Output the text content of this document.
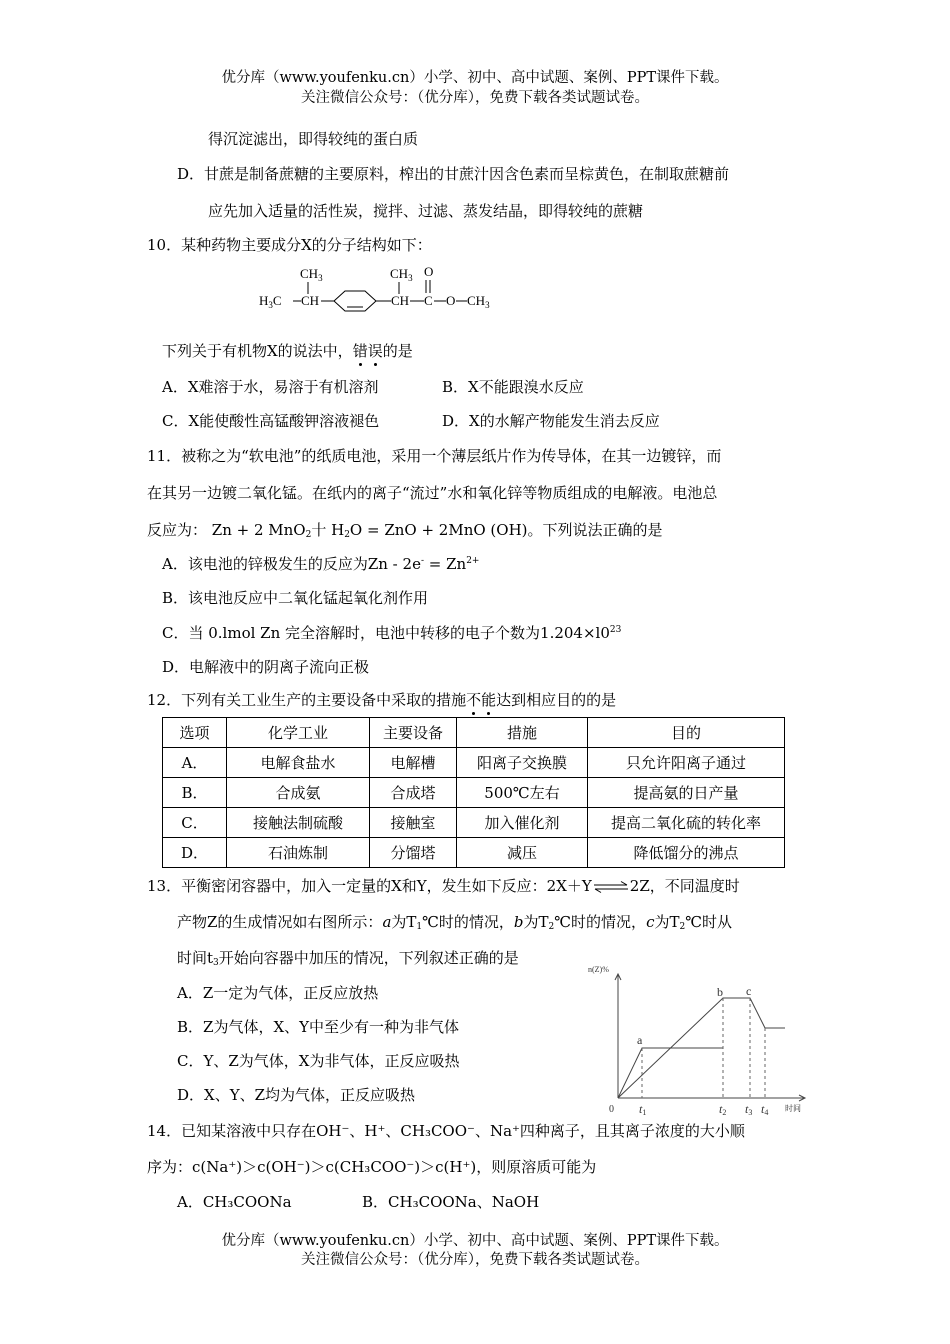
优分库（www.youfenku.cn）小学、初中、高中试题、案例、PPT课件下载。
关注微信公众号：（优分库），免费下载各类试题试卷。
得沉淀滤出，即得较纯的蛋白质
D．甘蔗是制备蔗糖的主要原料，榨出的甘蔗汁因含色素而呈棕黄色，在制取蔗糖前
应先加入适量的活性炭，搅拌、过滤、蒸发结晶，即得较纯的蔗糖
10．某种药物主要成分X的分子结构如下：
$CH_3$	$CH_3$ O
$H_3C$ CH	CH C O $CH_3$
下列关于有机物X的说法中，错误的是
A．X难溶于水，易溶于有机溶剂	B．X不能跟溴水反应
C．X能使酸性高锰酸钾溶液褪色	D．X的水解产物能发生消去反应
11．被称之为“软电池”的纸质电池，采用一个薄层纸片作为传导体，在其一边镀锌，而
在其另一边镀二氧化锰。在纸内的离子“流过”水和氧化锌等物质组成的电解液。电池总
反应为： Zn + 2 MnO$_2$十 $H_2O$ = ZnO + 2MnO (OH)。下列说法正确的是
A．该电池的锌极发生的反应为$Zn - 2e^- = Zn^{2+}$
B．该电池反应中二氧化锰起氧化剂作用
C．当 0.lmol Zn 完全溶解时，电池中转移的电子个数为$1.204\times l0^{23}$
D．电解液中的阴离子流向正极
12．下列有关工业生产的主要设备中采取的措施不能达到相应目的的是
选项	化学工业	主要设备	措施	目的
A．	电解食盐水	电解槽	阳离子交换膜	只允许阳离子通过
B．	合成氨	合成塔	500℃左右	提高氨的日产量
C．	接触法制硫酸	接触室	加入催化剂	提高二氧化硫的转化率
D．	石油炼制	分馏塔	减压	降低馏分的沸点
13．平衡密闭容器中，加入一定量的X和Y，发生如下反应：2X＋Y⇌2Z，不同温度时
产物Z的生成情况如右图所示：a为$T_1℃$时的情况，b为$T_2℃$时的情况，c为$T_2℃$时从
时间$t_3$开始向容器中加压的情况，下列叙述正确的是
A．Z一定为气体，正反应放热
B．Z为气体，X、Y中至少有一种为非气体
C．Y、Z为气体，X为非气体，正反应吸热
D．X、Y、Z均为气体，正反应吸热
n(Z)%
时间
0
a
b c
t1	t2 t3 t4
14．已知某溶液中只存在OH⁻、H⁺、CH₃COO⁻、Na⁺四种离子，且其离子浓度的大小顺
序为：c(Na⁺)＞c(OH⁻)＞c(CH₃COO⁻)＞c(H⁺)，则原溶质可能为
A．CH₃COONa	B．CH₃COONa、NaOH
优分库（www.youfenku.cn）小学、初中、高中试题、案例、PPT课件下载。
关注微信公众号：（优分库），免费下载各类试题试卷。
